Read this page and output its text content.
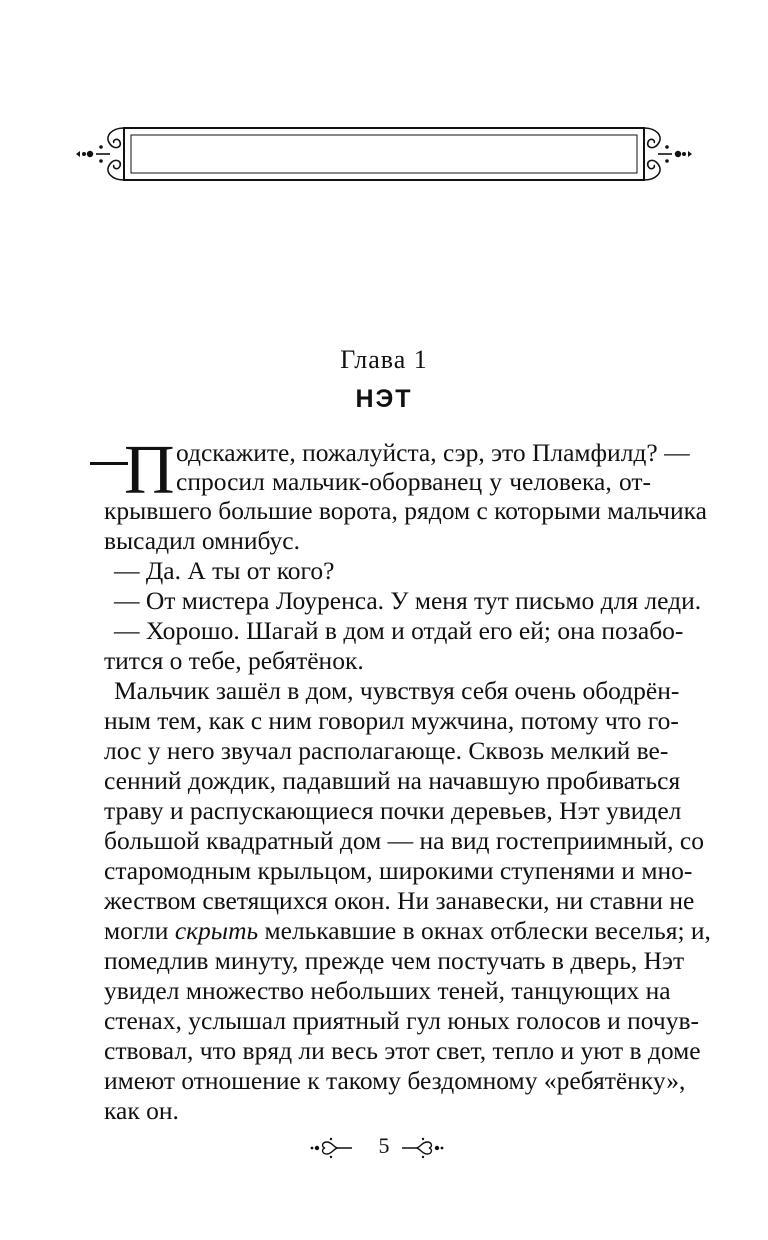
Глава 1
НЭТ
П одскажите, пожалуйста, сэр, это Пламфилд? —
спросил мальчик-оборванец у человека, от-
крывшего большие ворота, рядом с которыми мальчика
высадил омнибус.
— Да. А ты от кого?
— От мистера Лоуренса. У меня тут письмо для леди.
— Хорошо. Шагай в дом и отдай его ей; она позабо-
тится о тебе, ребятёнок.
Мальчик зашёл в дом, чувствуя себя очень ободрён-
ным тем, как с ним говорил мужчина, потому что го-
лос у него звучал располагающе. Сквозь мелкий ве-
сенний дождик, падавший на начавшую пробиваться
траву и распускающиеся почки деревьев, Нэт увидел
большой квадратный дом — на вид гостеприимный, со
старомодным крыльцом, широкими ступенями и мно-
жеством светящихся окон. Ни занавески, ни ставни не
могли скрыть мелькавшие в окнах отблески веселья; и,
помедлив минуту, прежде чем постучать в дверь, Нэт
увидел множество небольших теней, танцующих на
стенах, услышал приятный гул юных голосов и почув-
ствовал, что вряд ли весь этот свет, тепло и уют в доме
имеют отношение к такому бездомному «ребятёнку»,
как он.
5
